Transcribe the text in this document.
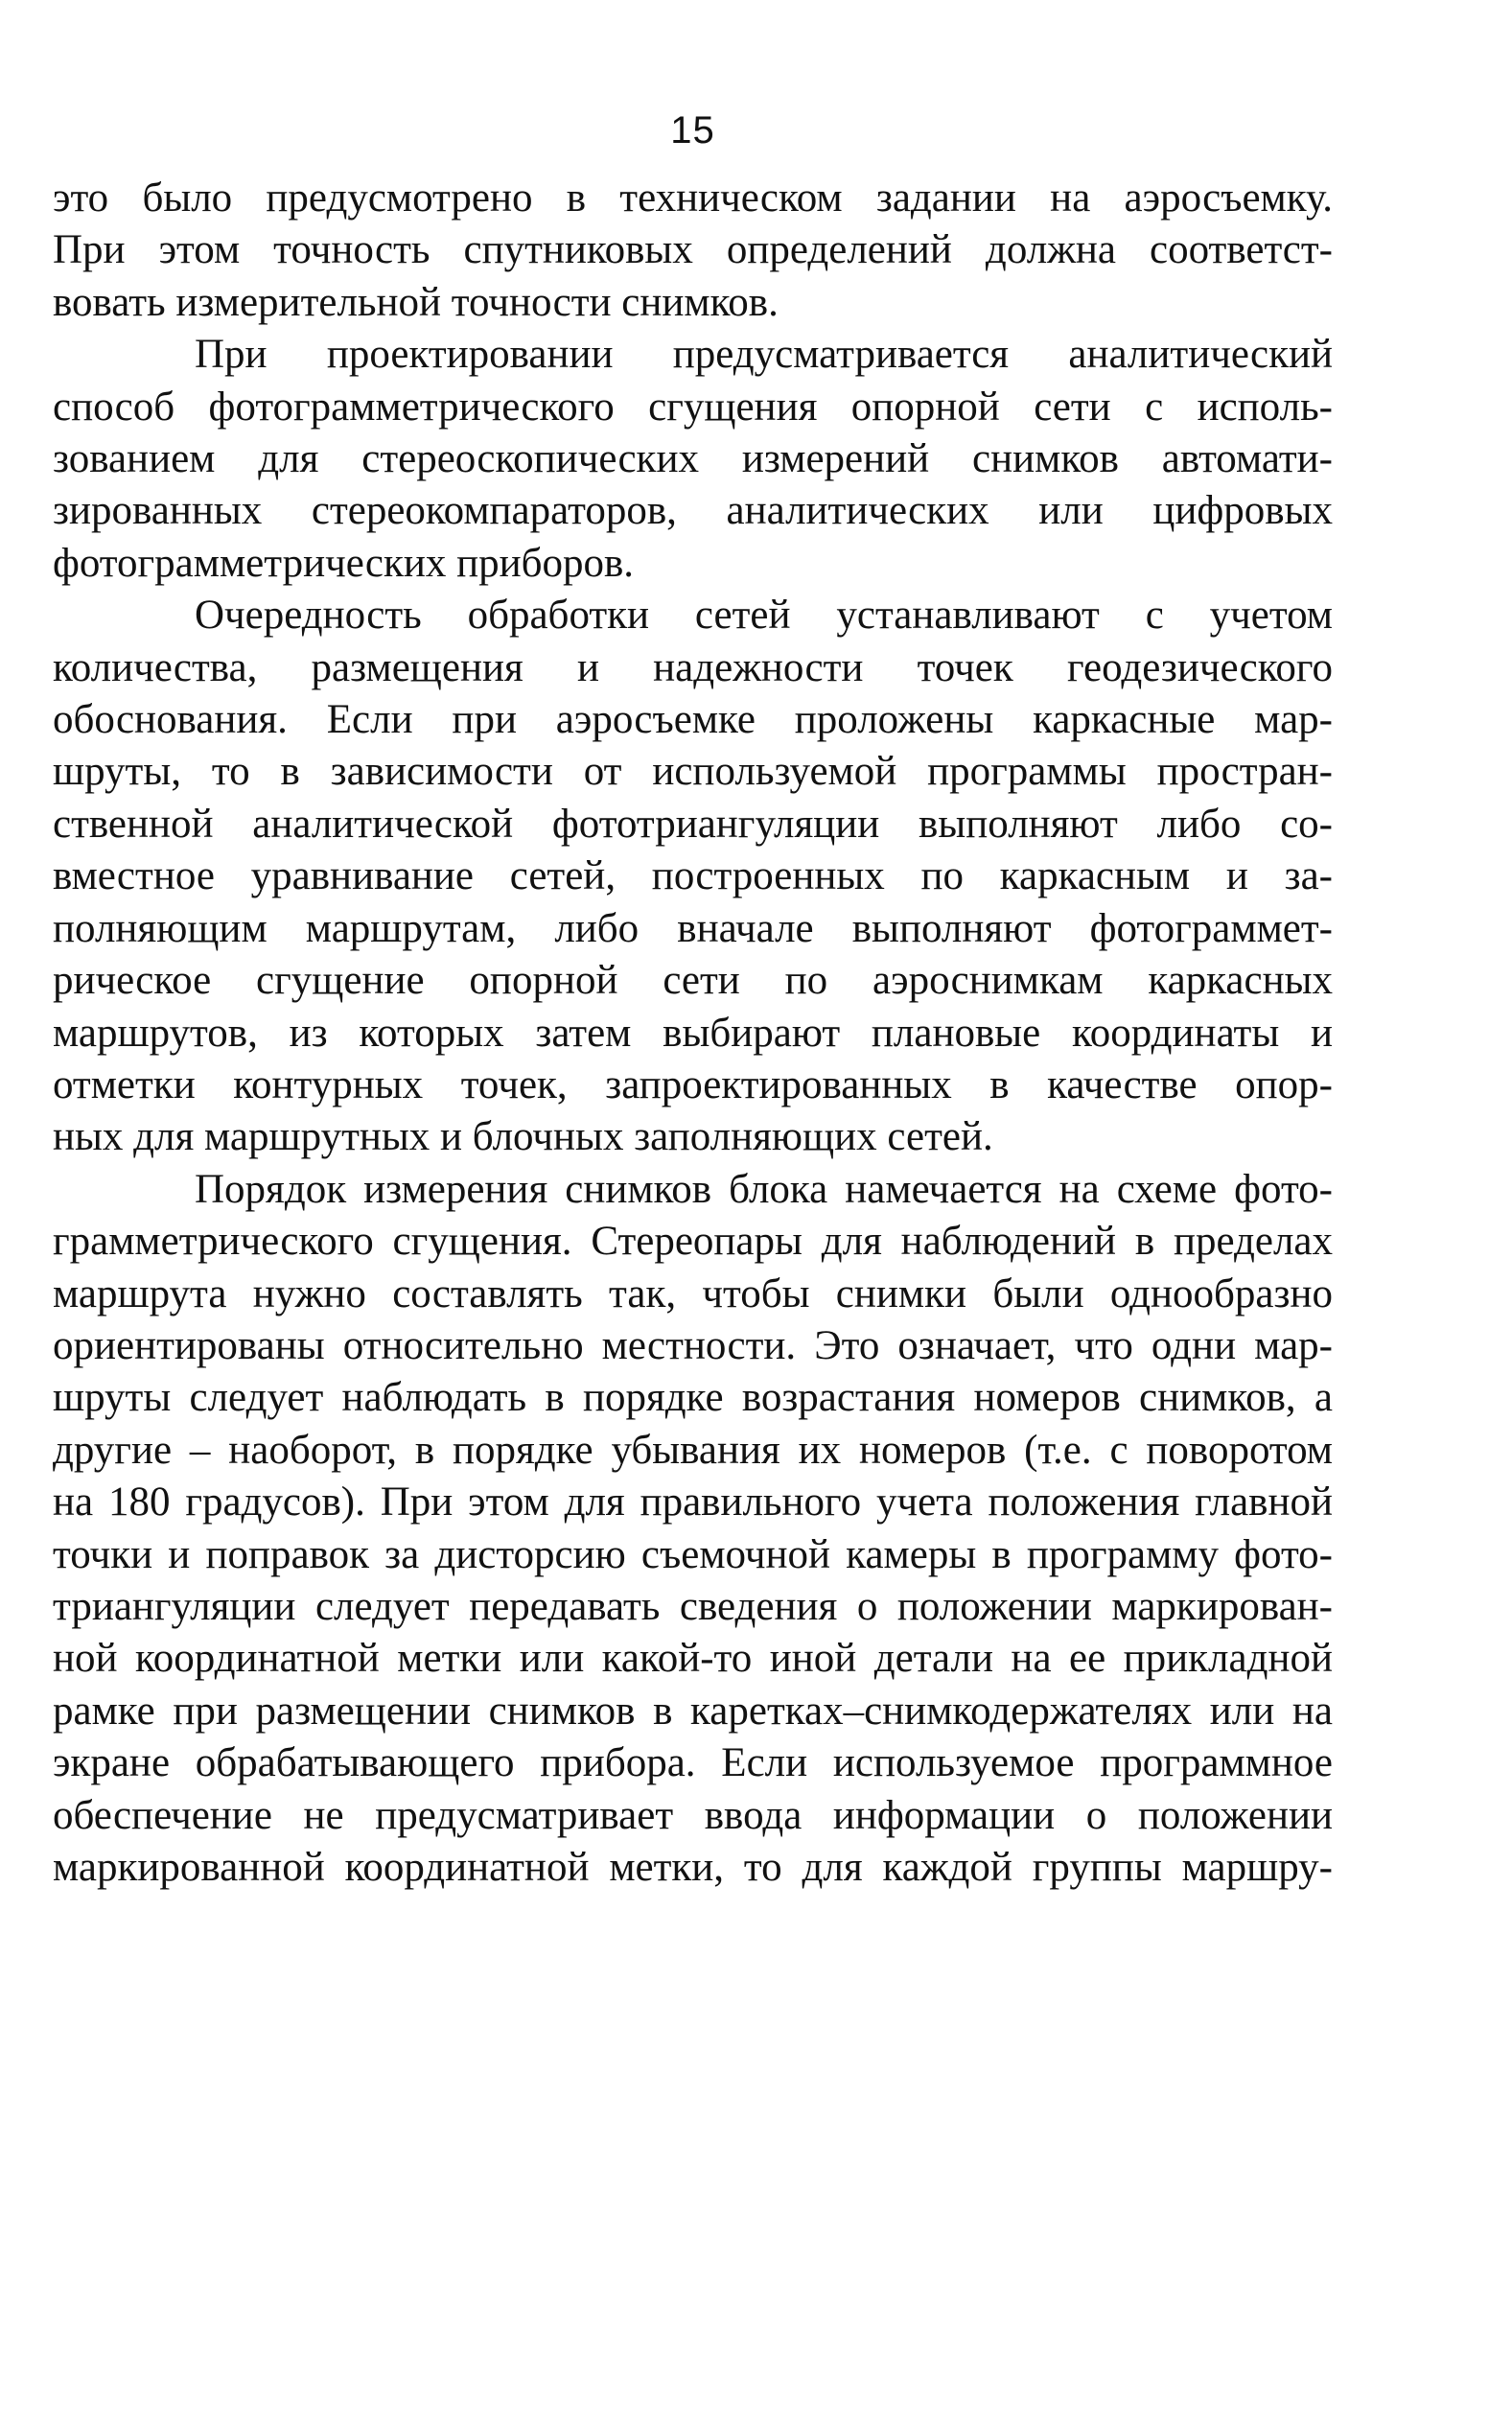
15
это было предусмотрено в техническом задании на аэросъемку.
При этом точность спутниковых определений должна соответст-
вовать измерительной точности снимков.
При проектировании предусматривается аналитический
способ фотограмметрического сгущения опорной сети с исполь-
зованием для стереоскопических измерений снимков автомати-
зированных стереокомпараторов, аналитических или цифровых
фотограмметрических приборов.
Очередность обработки сетей устанавливают с учетом
количества, размещения и надежности точек геодезического
обоснования. Если при аэросъемке проложены каркасные мар-
шруты, то в зависимости от используемой программы простран-
ственной аналитической фототриангуляции выполняют либо со-
вместное уравнивание сетей, построенных по каркасным и за-
полняющим маршрутам, либо вначале выполняют фотограммет-
рическое сгущение опорной сети по аэроснимкам каркасных
маршрутов, из которых затем выбирают плановые координаты и
отметки контурных точек, запроектированных в качестве опор-
ных для маршрутных и блочных заполняющих сетей.
Порядок измерения снимков блока намечается на схеме фото-
грамметрического сгущения. Стереопары для наблюдений в пределах
маршрута нужно составлять так, чтобы снимки были однообразно
ориентированы относительно местности. Это означает, что одни мар-
шруты следует наблюдать в порядке возрастания номеров снимков, а
другие – наоборот, в порядке убывания их номеров (т.е. с поворотом
на 180 градусов). При этом для правильного учета положения главной
точки и поправок за дисторсию съемочной камеры в программу фото-
триангуляции следует передавать сведения о положении маркирован-
ной координатной метки или какой-то иной детали на ее прикладной
рамке при размещении снимков в каретках–снимкодержателях или на
экране обрабатывающего прибора. Если используемое программное
обеспечение не предусматривает ввода информации о положении
маркированной координатной метки, то для каждой группы маршру-
